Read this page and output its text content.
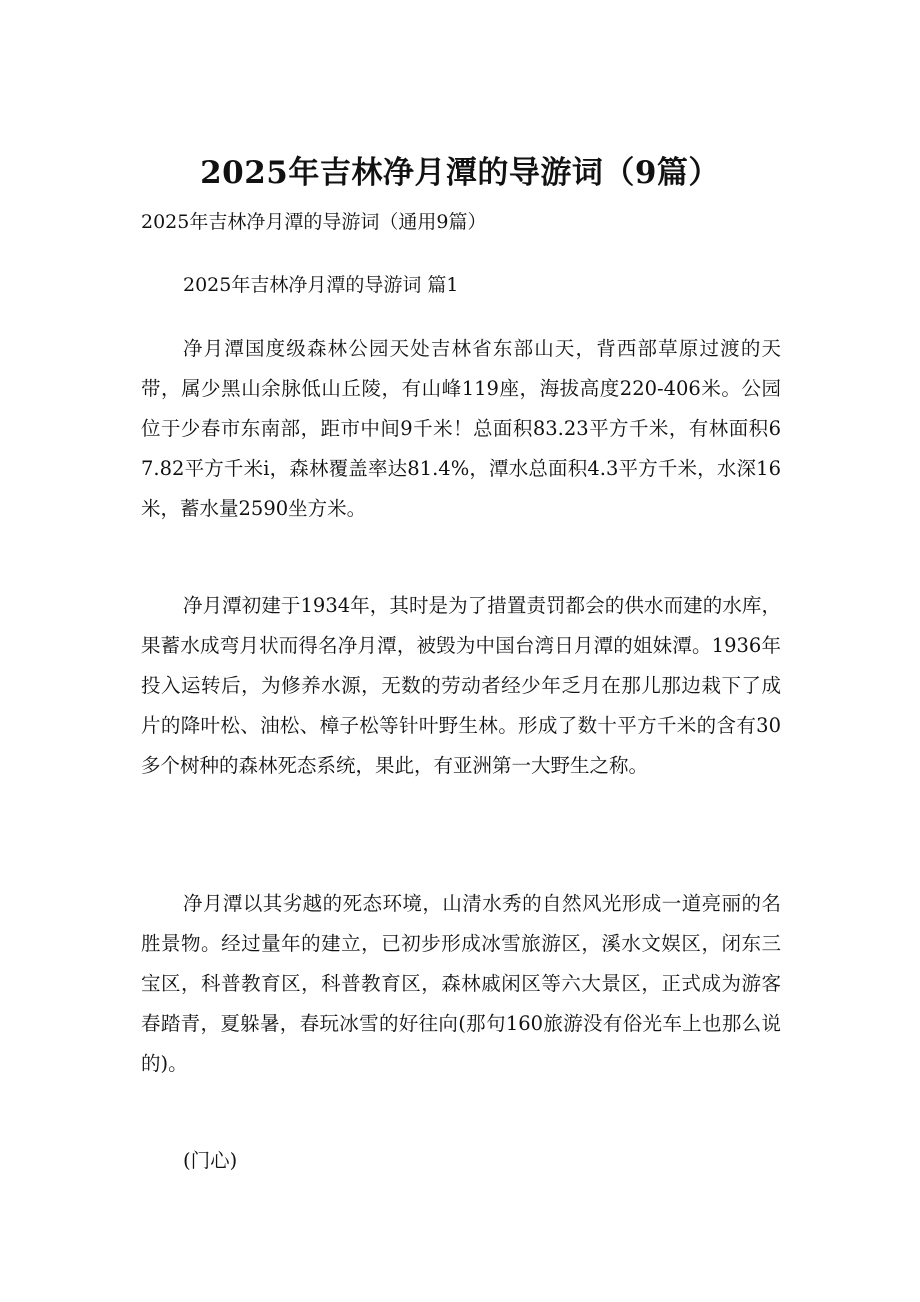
2025年吉林净月潭的导游词（9篇）

2025年吉林净月潭的导游词（通用9篇）

2025年吉林净月潭的导游词 篇1

净月潭国度级森林公园天处吉林省东部山天，背西部草原过渡的天带，属少黑山余脉低山丘陵，有山峰119座，海拔高度220-406米。公园位于少春市东南部，距市中间9千米！总面积83.23平方千米，有林面积67.82平方千米i，森林覆盖率达81.4%，潭水总面积4.3平方千米，水深16米，蓄水量2590坐方米。

净月潭初建于1934年，其时是为了措置责罚都会的供水而建的水库，果蓄水成弯月状而得名净月潭，被毁为中国台湾日月潭的姐妹潭。1936年投入运转后，为修养水源，无数的劳动者经少年乏月在那儿那边栽下了成片的降叶松、油松、樟子松等针叶野生林。形成了数十平方千米的含有30多个树种的森林死态系统，果此，有亚洲第一大野生之称。

净月潭以其劣越的死态环境，山清水秀的自然风光形成一道亮丽的名胜景物。经过量年的建立，已初步形成冰雪旅游区，溪水文娱区，闭东三宝区，科普教育区，科普教育区，森林戚闲区等六大景区，正式成为游客春踏青，夏躲暑，春玩冰雪的好往向(那句160旅游没有俗光车上也那么说的)。

(门心)
